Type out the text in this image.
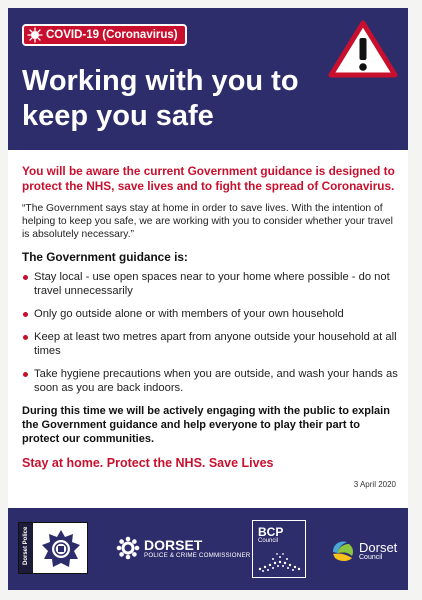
COVID-19 (Coronavirus)
Working with you to keep you safe

You will be aware the current Government guidance is designed to protect the NHS, save lives and to fight the spread of Coronavirus.

“The Government says stay at home in order to save lives. With the intention of helping to keep you safe, we are working with you to consider whether your travel is absolutely necessary.”

The Government guidance is:

Stay local - use open spaces near to your home where possible - do not travel unnecessarily
Only go outside alone or with members of your own household
Keep at least two metres apart from anyone outside your household at all times
Take hygiene precautions when you are outside, and wash your hands as soon as you are back indoors.

During this time we will be actively engaging with the public to explain the Government guidance and help everyone to play their part to protect our communities.

Stay at home. Protect the NHS. Save Lives

3 April 2020
Dorset Police	DORSET
POLICE & CRIME COMMISSIONER
BCP
Council	Dorset
Council
